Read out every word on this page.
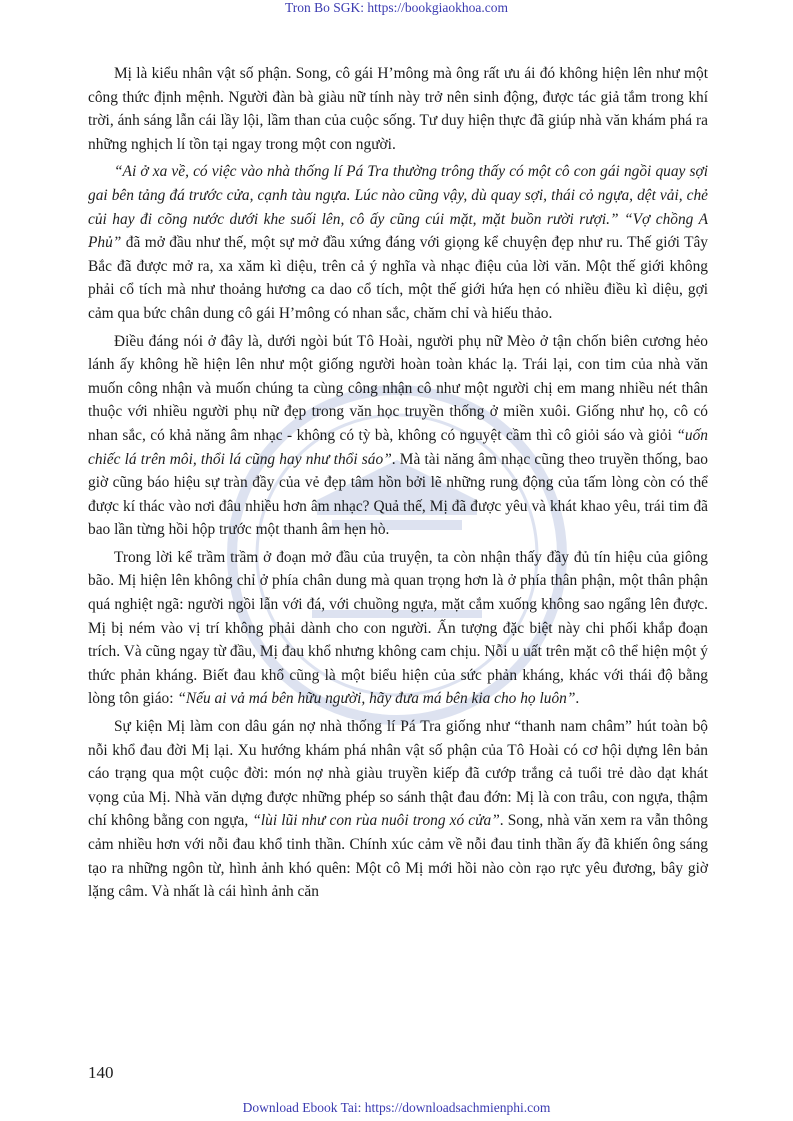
Tron Bo SGK: https://bookgiaokhoa.com

Mị là kiểu nhân vật số phận. Song, cô gái H’mông mà ông rất ưu ái đó không hiện lên như một công thức định mệnh. Người đàn bà giàu nữ tính này trở nên sinh động, được tác giả tắm trong khí trời, ánh sáng lẫn cái lầy lội, lầm than của cuộc sống. Tư duy hiện thực đã giúp nhà văn khám phá ra những nghịch lí tồn tại ngay trong một con người.

“Ai ở xa về, có việc vào nhà thống lí Pá Tra thường trông thấy có một cô con gái ngồi quay sợi gai bên tảng đá trước cửa, cạnh tàu ngựa. Lúc nào cũng vậy, dù quay sợi, thái cỏ ngựa, dệt vải, chẻ củi hay đi cõng nước dưới khe suối lên, cô ấy cũng cúi mặt, mặt buồn rười rượi.” “Vợ chồng A Phủ” đã mở đầu như thế, một sự mở đầu xứng đáng với giọng kể chuyện đẹp như ru. Thế giới Tây Bắc đã được mở ra, xa xăm kì diệu, trên cả ý nghĩa và nhạc điệu của lời văn. Một thế giới không phải cổ tích mà như thoảng hương ca dao cổ tích, một thế giới hứa hẹn có nhiều điều kì diệu, gợi cảm qua bức chân dung cô gái H’mông có nhan sắc, chăm chỉ và hiếu thảo.

Điều đáng nói ở đây là, dưới ngòi bút Tô Hoài, người phụ nữ Mèo ở tận chốn biên cương hẻo lánh ấy không hề hiện lên như một giống người hoàn toàn khác lạ. Trái lại, con tim của nhà văn muốn công nhận và muốn chúng ta cùng công nhận cô như một người chị em mang nhiều nét thân thuộc với nhiều người phụ nữ đẹp trong văn học truyền thống ở miền xuôi. Giống như họ, cô có nhan sắc, có khả năng âm nhạc - không có tỳ bà, không có nguyệt cầm thì cô giỏi sáo và giỏi “uốn chiếc lá trên môi, thổi lá cũng hay như thổi sáo”. Mà tài năng âm nhạc cũng theo truyền thống, bao giờ cũng báo hiệu sự tràn đầy của vẻ đẹp tâm hồn bởi lẽ những rung động của tấm lòng còn có thể được kí thác vào nơi đâu nhiều hơn âm nhạc? Quả thế, Mị đã được yêu và khát khao yêu, trái tim đã bao lần từng hồi hộp trước một thanh âm hẹn hò.

Trong lời kể trầm trầm ở đoạn mở đầu của truyện, ta còn nhận thấy đầy đủ tín hiệu của giông bão. Mị hiện lên không chỉ ở phía chân dung mà quan trọng hơn là ở phía thân phận, một thân phận quá nghiệt ngã: người ngồi lẫn với đá, với chuồng ngựa, mặt cắm xuống không sao ngẩng lên được. Mị bị ném vào vị trí không phải dành cho con người. Ấn tượng đặc biệt này chi phối khắp đoạn trích. Và cũng ngay từ đầu, Mị đau khổ nhưng không cam chịu. Nỗi u uất trên mặt cô thể hiện một ý thức phản kháng. Biết đau khổ cũng là một biểu hiện của sức phản kháng, khác với thái độ bằng lòng tôn giáo: “Nếu ai vả má bên hữu người, hãy đưa má bên kia cho họ luôn”.

Sự kiện Mị làm con dâu gán nợ nhà thống lí Pá Tra giống như “thanh nam châm” hút toàn bộ nỗi khổ đau đời Mị lại. Xu hướng khám phá nhân vật số phận của Tô Hoài có cơ hội dựng lên bản cáo trạng qua một cuộc đời: món nợ nhà giàu truyền kiếp đã cướp trắng cả tuổi trẻ dào dạt khát vọng của Mị. Nhà văn dựng được những phép so sánh thật đau đớn: Mị là con trâu, con ngựa, thậm chí không bằng con ngựa, “lùi lũi như con rùa nuôi trong xó cửa”. Song, nhà văn xem ra vẫn thông cảm nhiều hơn với nỗi đau khổ tinh thần. Chính xúc cảm về nỗi đau tinh thần ấy đã khiến ông sáng tạo ra những ngôn từ, hình ảnh khó quên: Một cô Mị mới hồi nào còn rạo rực yêu đương, bây giờ lặng câm. Và nhất là cái hình ảnh căn

140
Download Ebook Tai: https://downloadsachmienphi.com
